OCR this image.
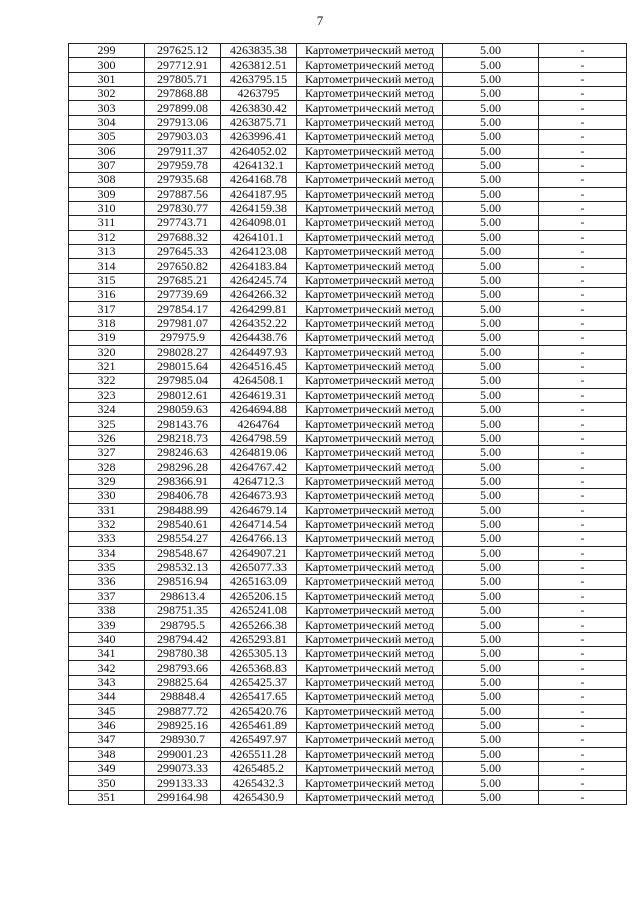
7
299	297625.12	4263835.38	Картометрический метод	5.00	-
300	297712.91	4263812.51	Картометрический метод	5.00	-
301	297805.71	4263795.15	Картометрический метод	5.00	-
302	297868.88	4263795	Картометрический метод	5.00	-
303	297899.08	4263830.42	Картометрический метод	5.00	-
304	297913.06	4263875.71	Картометрический метод	5.00	-
305	297903.03	4263996.41	Картометрический метод	5.00	-
306	297911.37	4264052.02	Картометрический метод	5.00	-
307	297959.78	4264132.1	Картометрический метод	5.00	-
308	297935.68	4264168.78	Картометрический метод	5.00	-
309	297887.56	4264187.95	Картометрический метод	5.00	-
310	297830.77	4264159.38	Картометрический метод	5.00	-
311	297743.71	4264098.01	Картометрический метод	5.00	-
312	297688.32	4264101.1	Картометрический метод	5.00	-
313	297645.33	4264123.08	Картометрический метод	5.00	-
314	297650.82	4264183.84	Картометрический метод	5.00	-
315	297685.21	4264245.74	Картометрический метод	5.00	-
316	297739.69	4264266.32	Картометрический метод	5.00	-
317	297854.17	4264299.81	Картометрический метод	5.00	-
318	297981.07	4264352.22	Картометрический метод	5.00	-
319	297975.9	4264438.76	Картометрический метод	5.00	-
320	298028.27	4264497.93	Картометрический метод	5.00	-
321	298015.64	4264516.45	Картометрический метод	5.00	-
322	297985.04	4264508.1	Картометрический метод	5.00	-
323	298012.61	4264619.31	Картометрический метод	5.00	-
324	298059.63	4264694.88	Картометрический метод	5.00	-
325	298143.76	4264764	Картометрический метод	5.00	-
326	298218.73	4264798.59	Картометрический метод	5.00	-
327	298246.63	4264819.06	Картометрический метод	5.00	-
328	298296.28	4264767.42	Картометрический метод	5.00	-
329	298366.91	4264712.3	Картометрический метод	5.00	-
330	298406.78	4264673.93	Картометрический метод	5.00	-
331	298488.99	4264679.14	Картометрический метод	5.00	-
332	298540.61	4264714.54	Картометрический метод	5.00	-
333	298554.27	4264766.13	Картометрический метод	5.00	-
334	298548.67	4264907.21	Картометрический метод	5.00	-
335	298532.13	4265077.33	Картометрический метод	5.00	-
336	298516.94	4265163.09	Картометрический метод	5.00	-
337	298613.4	4265206.15	Картометрический метод	5.00	-
338	298751.35	4265241.08	Картометрический метод	5.00	-
339	298795.5	4265266.38	Картометрический метод	5.00	-
340	298794.42	4265293.81	Картометрический метод	5.00	-
341	298780.38	4265305.13	Картометрический метод	5.00	-
342	298793.66	4265368.83	Картометрический метод	5.00	-
343	298825.64	4265425.37	Картометрический метод	5.00	-
344	298848.4	4265417.65	Картометрический метод	5.00	-
345	298877.72	4265420.76	Картометрический метод	5.00	-
346	298925.16	4265461.89	Картометрический метод	5.00	-
347	298930.7	4265497.97	Картометрический метод	5.00	-
348	299001.23	4265511.28	Картометрический метод	5.00	-
349	299073.33	4265485.2	Картометрический метод	5.00	-
350	299133.33	4265432.3	Картометрический метод	5.00	-
351	299164.98	4265430.9	Картометрический метод	5.00	-
